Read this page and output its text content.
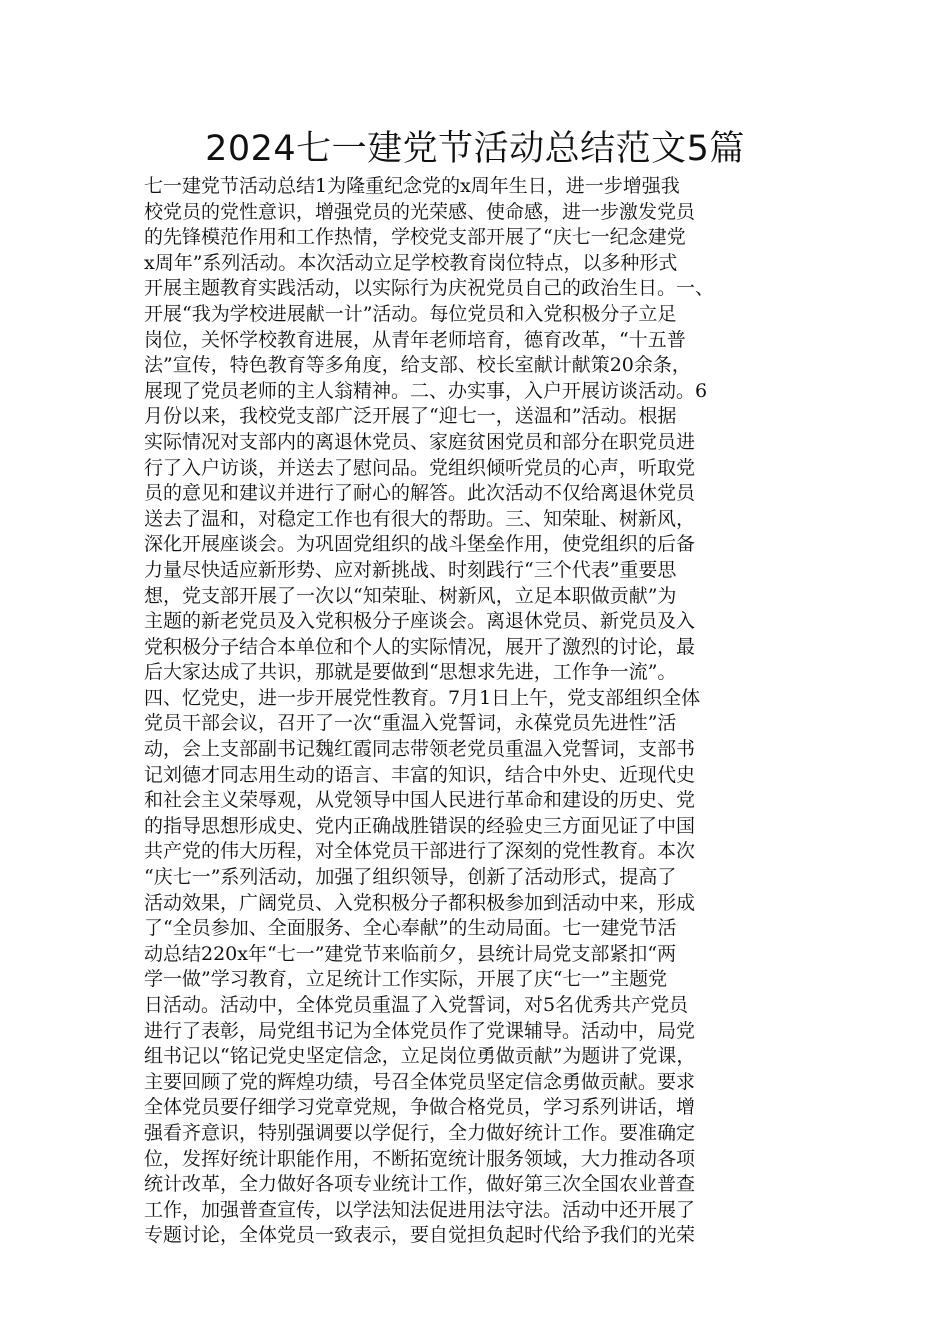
2024七一建党节活动总结范文5篇
七一建党节活动总结1为隆重纪念党的x周年生日，进一步增强我
校党员的党性意识，增强党员的光荣感、使命感，进一步激发党员
的先锋模范作用和工作热情，学校党支部开展了“庆七一纪念建党
x周年”系列活动。本次活动立足学校教育岗位特点，以多种形式
开展主题教育实践活动，以实际行为庆祝党员自己的政治生日。一、
开展“我为学校进展献一计”活动。每位党员和入党积极分子立足
岗位，关怀学校教育进展，从青年老师培育，德育改革，“十五普
法”宣传，特色教育等多角度，给支部、校长室献计献策20余条，
展现了党员老师的主人翁精神。二、办实事，入户开展访谈活动。6
月份以来，我校党支部广泛开展了“迎七一，送温和”活动。根据
实际情况对支部内的离退休党员、家庭贫困党员和部分在职党员进
行了入户访谈，并送去了慰问品。党组织倾听党员的心声，听取党
员的意见和建议并进行了耐心的解答。此次活动不仅给离退休党员
送去了温和，对稳定工作也有很大的帮助。三、知荣耻、树新风，
深化开展座谈会。为巩固党组织的战斗堡垒作用，使党组织的后备
力量尽快适应新形势、应对新挑战、时刻践行“三个代表”重要思
想，党支部开展了一次以“知荣耻、树新风，立足本职做贡献”为
主题的新老党员及入党积极分子座谈会。离退休党员、新党员及入
党积极分子结合本单位和个人的实际情况，展开了激烈的讨论，最
后大家达成了共识，那就是要做到“思想求先进，工作争一流”。
四、忆党史，进一步开展党性教育。7月1日上午，党支部组织全体
党员干部会议，召开了一次“重温入党誓词，永葆党员先进性”活
动，会上支部副书记魏红霞同志带领老党员重温入党誓词，支部书
记刘德才同志用生动的语言、丰富的知识，结合中外史、近现代史
和社会主义荣辱观，从党领导中国人民进行革命和建设的历史、党
的指导思想形成史、党内正确战胜错误的经验史三方面见证了中国
共产党的伟大历程，对全体党员干部进行了深刻的党性教育。本次
“庆七一”系列活动，加强了组织领导，创新了活动形式，提高了
活动效果，广阔党员、入党积极分子都积极参加到活动中来，形成
了“全员参加、全面服务、全心奉献”的生动局面。七一建党节活
动总结220x年“七一”建党节来临前夕，县统计局党支部紧扣“两
学一做”学习教育，立足统计工作实际，开展了庆“七一”主题党
日活动。活动中，全体党员重温了入党誓词，对5名优秀共产党员
进行了表彰，局党组书记为全体党员作了党课辅导。活动中，局党
组书记以“铭记党史坚定信念，立足岗位勇做贡献”为题讲了党课，
主要回顾了党的辉煌功绩，号召全体党员坚定信念勇做贡献。要求
全体党员要仔细学习党章党规，争做合格党员，学习系列讲话，增
强看齐意识，特别强调要以学促行，全力做好统计工作。要准确定
位，发挥好统计职能作用，不断拓宽统计服务领域，大力推动各项
统计改革，全力做好各项专业统计工作，做好第三次全国农业普查
工作，加强普查宣传，以学法知法促进用法守法。活动中还开展了
专题讨论，全体党员一致表示，要自觉担负起时代给予我们的光荣
